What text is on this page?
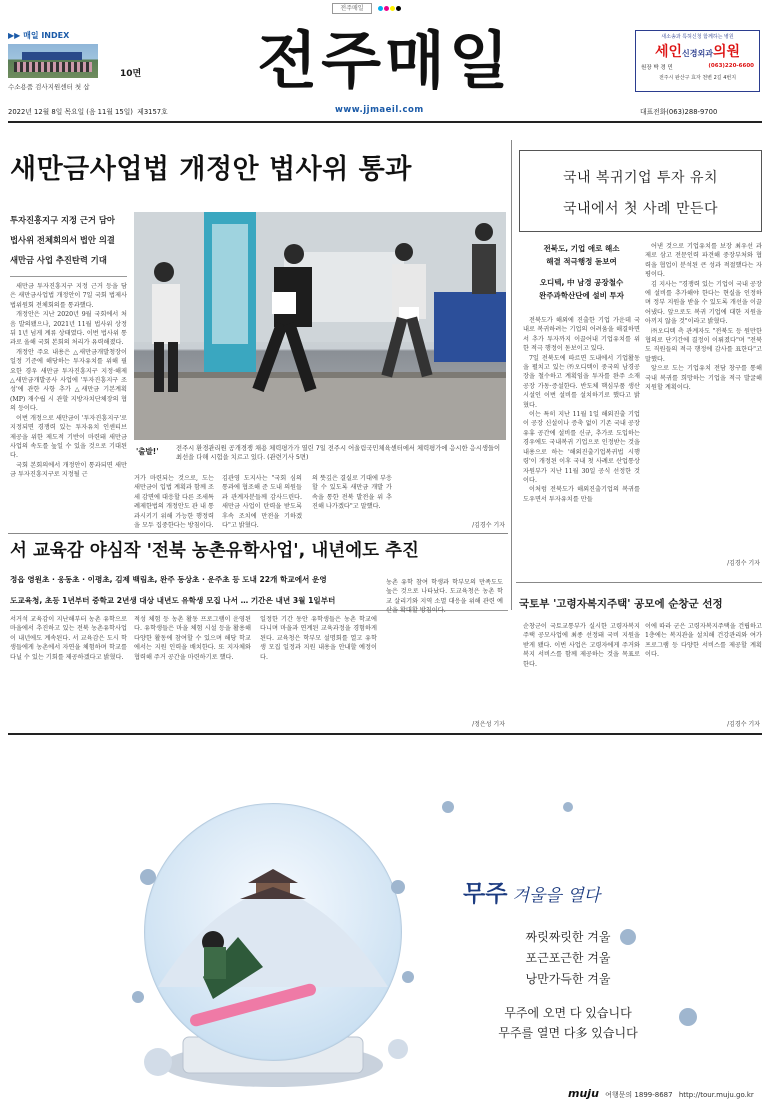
전주매일
▶▶ 매일 INDEX
10면
수소용품 검사지원센터 첫 삽	전주매일	새소송과 특허신청 함께하는 병원
세인신경외과의원
원장 박 경 민	(063)220-6600
전주시 완산구 효자 천변 2길 4번지
2022년 12월 8일 목요일 (음 11월 15일) 제3157호	www.jjmaeil.com	대표전화(063)288-9700
새만금사업법 개정안 법사위 통과
투자진흥지구 지정 근거 담아
법사위 전체회의서 법안 의결
새만금 사업 추진탄력 기대

새만금 투자진흥지구 지정 근거 등을 담은 새만금사업법 개정안이 7일 국회 법제사법위원회 전체회의를 통과했다.

개정안은 지난 2020년 9월 국회에서 처음 발의됐으나, 2021년 11월 법사위 상정 뒤 1년 넘게 계류 상태였다. 이번 법사위 통과로 올해 국회 본회의 처리가 유력해졌다.

개정안 주요 내용은 △새만금개발청장이 일정 기준에 해당하는 투자유치를 위해 필요한 경우 새만금 투자진흥지구 지정·해제 △새만금개발공사 사업에 '투자진흥지구 조성'에 관한 사항 추가 △새만금 기본계획(MP) 재수립 시 관할 지방자치단체장의 협의 등이다.

이번 개정으로 새만금이 '투자진흥지구'로 지정되면 경쟁력 있는 투자유치 인센티브 제공을 위한 제도적 기반이 마련돼 새만금 사업의 속도를 높일 수 있을 것으로 기대된다.

국회 본회의에서 개정안이 통과되면 새만금 투자진흥지구로 지정될 근

'출발!'	전주시 환경관리원 공개경쟁 채용 체력평가가 열린 7일 전주시 어울림국민체육센터에서 체력평가에 응시한 응시생들이 최선을 다해 시험을 치르고 있다. (관련기사 5면)
거가 마련되는 것으로, 도는 새만금이 입법 계획과 함께 조세 감면에 대응할 다른 조세특례제한법의 개정안도 관 내 통과시키기 위해 가능한 행정력을 모두 집중한다는 방침이다.
김관영 도지사는 "국회 심의통과에 협조해 준 도내 의원들과 관계자분들께 감사드린다. 새만금 사업이 탄력을 받도록 후속 조치에 만전을 기하겠다"고 밝혔다.
의 뜻깊은 결실로 기대에 부응할 수 있도록 새만금 개발 가속을 통한 전북 발전을 위 추진해 나가겠다"고 말했다.
/김경수 기자
국내 복귀기업 투자 유치
국내에서 첫 사례 만든다
전북도, 기업 애로 해소
해결 적극행정 돋보여
오디텍, 中 남경 공장철수
완주과학산단에 설비 투자

전북도가 해외에 진출한 기업 가운데 국내로 복귀하려는 기업의 어려움을 해결하면서 추가 투자까지 이끌어내 기업유치를 위한 적극 행정이 돋보이고 있다.

7일 전북도에 따르면 도내에서 기업활동을 펼치고 있는 ㈜오디텍이 중국의 남경공장을 철수하고 계획임을 투자를 완주 소재 공장 가동·증설한다. 반도체 핵심부품 생산시설인 이번 설비를 설치하기로 했다고 밝혔다.

이는 특히 지난 11월 1일 해외진출 기업이 공장 신설이나 증축 없이 기존 국내 공장 유휴 공간에 설비를 신규, 추가로 도입하는 경우에도 국내복귀 기업으로 인정받는 것을 내용으로 하는 '해외진출기업복귀법 시행령'이 개정된 이후 국내 첫 사례로 산업통상자원부가 지난 11월 30일 공식 선정한 것이다.

이처럼 전북도가 해외진출기업의 복귀를 도우면서 투자유치를 만들

어낸 것으로 기업유치를 보장 최우선 과제로 삼고 전문인력 파견해 중장부처와 협력을 협업이 분석된 큰 성과 적절했다는 자평이다.

김 지사는 "경쟁력 있는 기업이 국내 공장에 설비를 추가해야 한다는 현실을 인정하며 정부 지원을 받을 수 있도록 개선을 이끌어냈다. 앞으로도 복귀 기업에 대한 지원을 아끼지 않을 것"이라고 밝혔다.

㈜오디텍 측 관계자도 "전북도 등 원만한 협의로 단기간에 결정이 이뤄졌다"며 "전북도 직원들의 적극 행정에 감사를 표한다"고 말했다.

앞으로 도는 기업유치 전담 창구를 통해 국내 복귀를 희망하는 기업을 적극 발굴해 지원할 계획이다.

/김경수 기자
서 교육감 야심작 '전북 농촌유학사업', 내년에도 추진
정읍 영원초 · 웅동초 · 이평초, 김제 백림초, 완주 동상초 · 운주초 등 도내 22개 학교에서 운영
도교육청, 초등 1년부터 중학교 2년생 대상 내년도 유학생 모집 나서 … 기간은 내년 3월 1일부터
서거석 교육감이 지난해부터 농촌 유학으로 마을에서 추진하고 있는 전북 농촌유학사업이 내년에도 계속된다. 서 교육감은 도시 학생들에게 농촌에서 자연을 체험하며 학교를 다닐 수 있는 기회를 제공하겠다고 밝혔다.
적성 체험 등 농촌 활동 프로그램이 운영된다. 유학생들은 마을 체험 시설 등을 활용해 다양한 활동에 참여할 수 있으며 해당 학교에서는 지원 인력을 배치한다. 또 지자체와 협력해 주거 공간을 마련하기로 했다.
일정한 기간 동안 유학생들은 농촌 학교에 다니며 마을과 연계된 교육과정을 경험하게 된다. 교육청은 학부모 설명회를 열고 유학생 모집 일정과 지원 내용을 안내할 예정이다.
농촌 유학 참여 학생과 학부모의 만족도도 높은 것으로 나타났다. 도교육청은 농촌 학교 살리기와 지역 소멸 대응을 위해 관련 예산을 확대할 방침이다.
/정은성 기자
국토부 '고령자복지주택' 공모에 순창군 선정
순창군이 국토교통부가 실시한 고령자복지주택 공모사업에 최종 선정돼 국비 지원을 받게 됐다. 이번 사업은 고령자에게 주거와 복지 서비스를 함께 제공하는 것을 목표로 한다.
이에 따라 군은 고령자복지주택을 건립하고 1층에는 복지관을 설치해 건강관리와 여가 프로그램 등 다양한 서비스를 제공할 계획이다.
/김경수 기자
무주 겨울을 열다
짜릿짜릿한 겨울
포근포근한 겨울
낭만가득한 겨울
무주에 오면 다 있습니다
무주를 열면 다多 있습니다
muju 여행문의 1899-8687 http://tour.muju.go.kr
